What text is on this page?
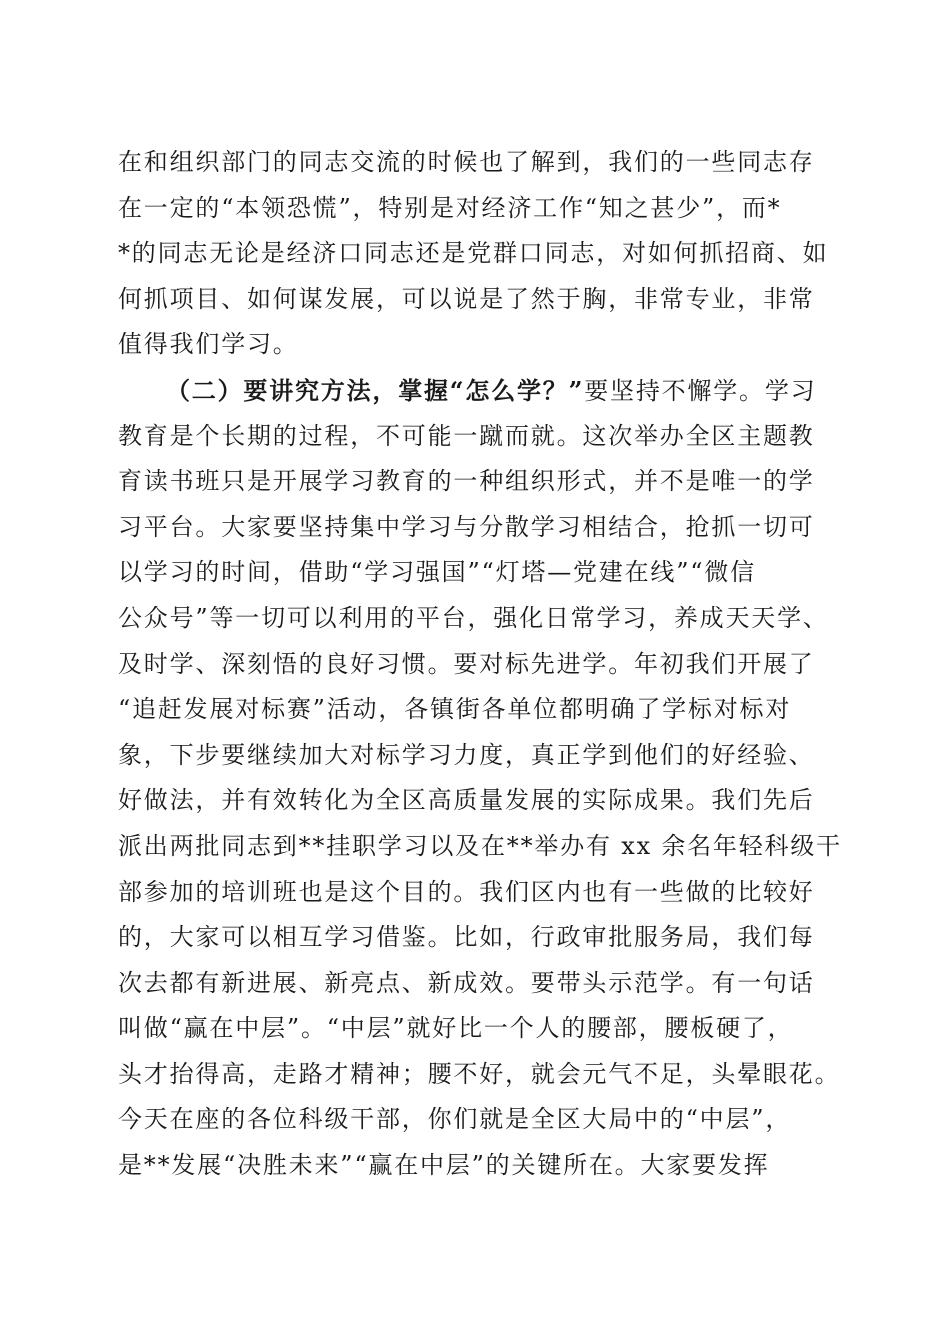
在和组织部门的同志交流的时候也了解到，我们的一些同志存
在一定的“本领恐慌”，特别是对经济工作“知之甚少”，而*
*的同志无论是经济口同志还是党群口同志，对如何抓招商、如
何抓项目、如何谋发展，可以说是了然于胸，非常专业，非常
值得我们学习。
（二）要讲究方法，掌握“怎么学？”要坚持不懈学。学习
教育是个长期的过程，不可能一蹴而就。这次举办全区主题教
育读书班只是开展学习教育的一种组织形式，并不是唯一的学
习平台。大家要坚持集中学习与分散学习相结合，抢抓一切可
以学习的时间，借助“学习强国”“灯塔—党建在线”“微信
公众号”等一切可以利用的平台，强化日常学习，养成天天学、
及时学、深刻悟的良好习惯。要对标先进学。年初我们开展了
“追赶发展对标赛”活动，各镇街各单位都明确了学标对标对
象，下步要继续加大对标学习力度，真正学到他们的好经验、
好做法，并有效转化为全区高质量发展的实际成果。我们先后
派出两批同志到**挂职学习以及在**举办有 xx 余名年轻科级干
部参加的培训班也是这个目的。我们区内也有一些做的比较好
的，大家可以相互学习借鉴。比如，行政审批服务局，我们每
次去都有新进展、新亮点、新成效。要带头示范学。有一句话
叫做“赢在中层”。“中层”就好比一个人的腰部，腰板硬了，
头才抬得高，走路才精神；腰不好，就会元气不足，头晕眼花。
今天在座的各位科级干部，你们就是全区大局中的“中层”，
是**发展“决胜未来”“赢在中层”的关键所在。大家要发挥
